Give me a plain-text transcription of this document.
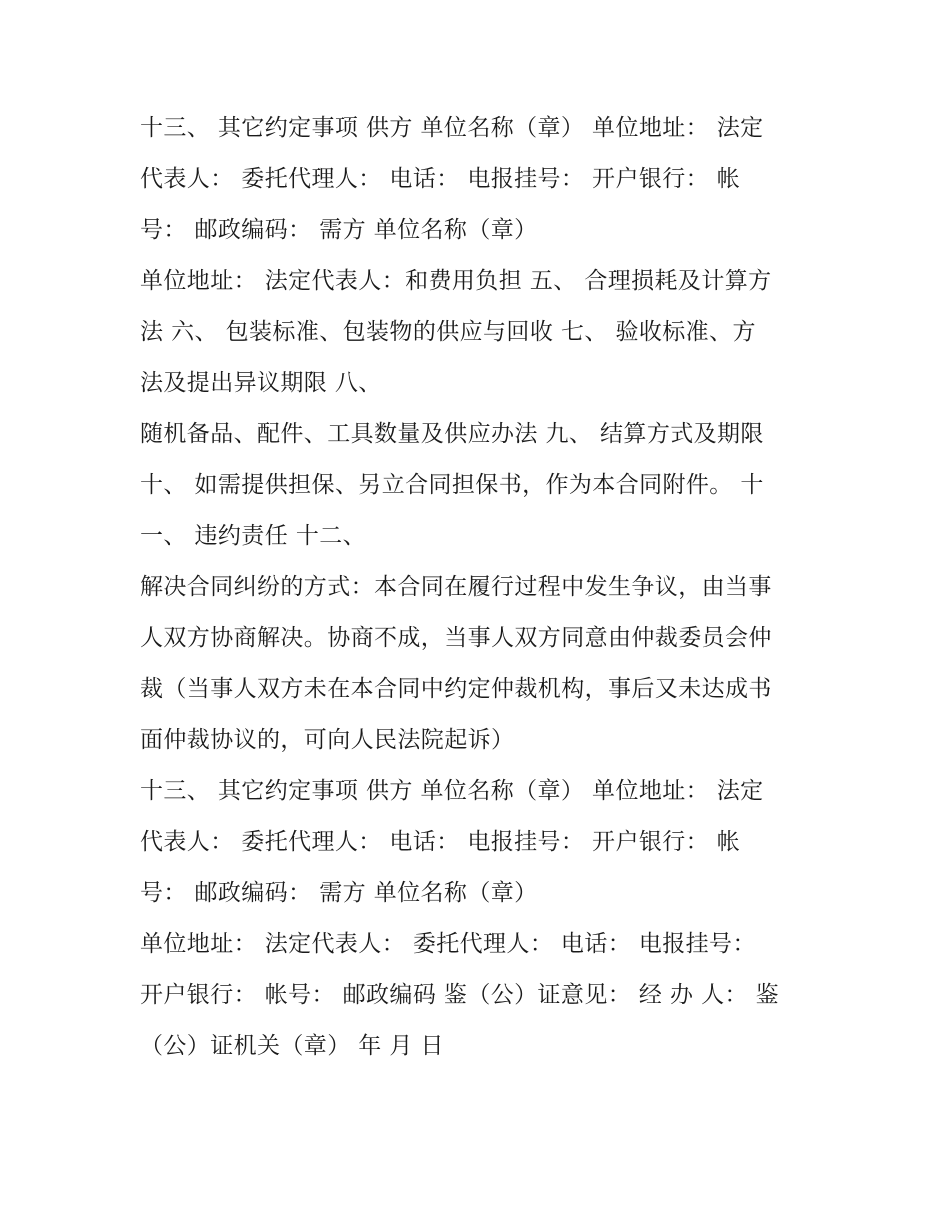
十三、 其它约定事项 供方 单位名称（章） 单位地址： 法定
代表人： 委托代理人： 电话： 电报挂号： 开户银行： 帐
号： 邮政编码： 需方 单位名称（章）
单位地址： 法定代表人：和费用负担 五、 合理损耗及计算方
法 六、 包装标准、包装物的供应与回收 七、 验收标准、方
法及提出异议期限 八、
随机备品、配件、工具数量及供应办法 九、 结算方式及期限
十、 如需提供担保、另立合同担保书，作为本合同附件。 十
一、 违约责任 十二、
解决合同纠纷的方式：本合同在履行过程中发生争议，由当事
人双方协商解决。协商不成，当事人双方同意由仲裁委员会仲
裁（当事人双方未在本合同中约定仲裁机构，事后又未达成书
面仲裁协议的，可向人民法院起诉）
十三、 其它约定事项 供方 单位名称（章） 单位地址： 法定
代表人： 委托代理人： 电话： 电报挂号： 开户银行： 帐
号： 邮政编码： 需方 单位名称（章）
单位地址： 法定代表人： 委托代理人： 电话： 电报挂号：
开户银行： 帐号： 邮政编码 鉴（公）证意见： 经 办 人： 鉴
（公）证机关（章） 年 月 日
